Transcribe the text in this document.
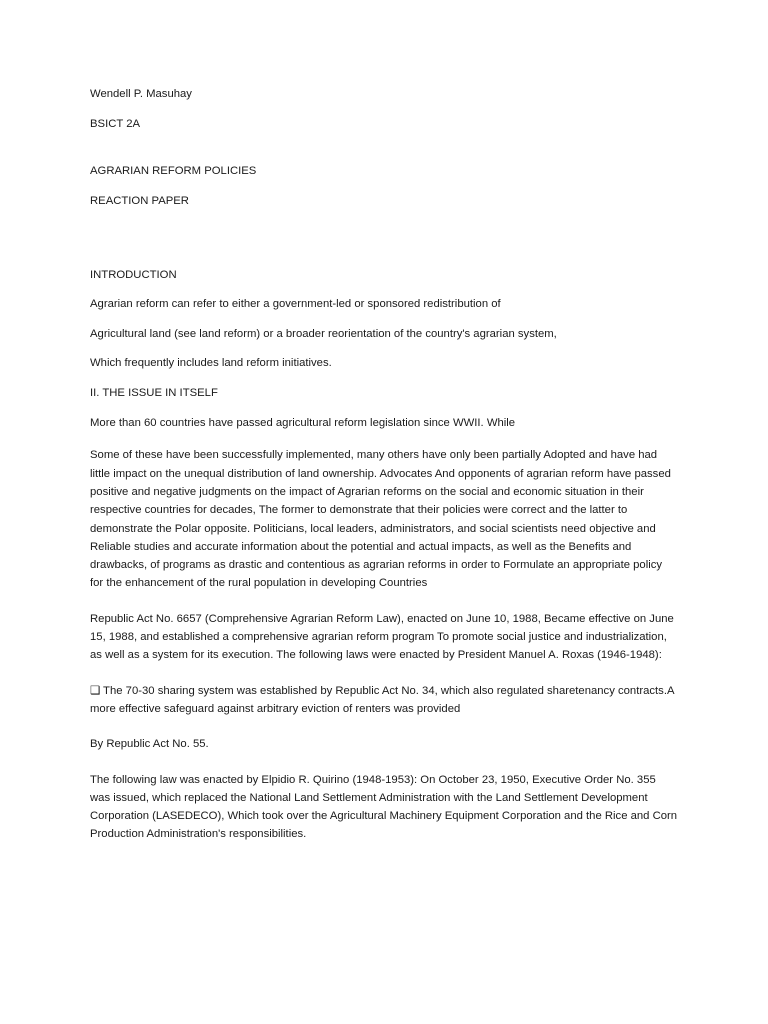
Wendell P. Masuhay

BSICT 2A

AGRARIAN REFORM POLICIES

REACTION PAPER

INTRODUCTION

Agrarian reform can refer to either a government-led or sponsored redistribution of

Agricultural land (see land reform) or a broader reorientation of the country's agrarian system,

Which frequently includes land reform initiatives.

II. THE ISSUE IN ITSELF

More than 60 countries have passed agricultural reform legislation since WWII. While

Some of these have been successfully implemented, many others have only been partially Adopted and have had little impact on the unequal distribution of land ownership. Advocates And opponents of agrarian reform have passed positive and negative judgments on the impact of Agrarian reforms on the social and economic situation in their respective countries for decades, The former to demonstrate that their policies were correct and the latter to demonstrate the Polar opposite. Politicians, local leaders, administrators, and social scientists need objective and Reliable studies and accurate information about the potential and actual impacts, as well as the Benefits and drawbacks, of programs as drastic and contentious as agrarian reforms in order to Formulate an appropriate policy for the enhancement of the rural population in developing Countries

Republic Act No. 6657 (Comprehensive Agrarian Reform Law), enacted on June 10, 1988, Became effective on June 15, 1988, and established a comprehensive agrarian reform program To promote social justice and industrialization, as well as a system for its execution. The following laws were enacted by President Manuel A. Roxas (1946-1948):

❑ The 70-30 sharing system was established by Republic Act No. 34, which also regulated sharetenancy contracts.A more effective safeguard against arbitrary eviction of renters was provided

By Republic Act No. 55.

The following law was enacted by Elpidio R. Quirino (1948-1953): On October 23, 1950, Executive Order No. 355 was issued, which replaced the National Land Settlement Administration with the Land Settlement Development Corporation (LASEDECO), Which took over the Agricultural Machinery Equipment Corporation and the Rice and Corn Production Administration's responsibilities.
